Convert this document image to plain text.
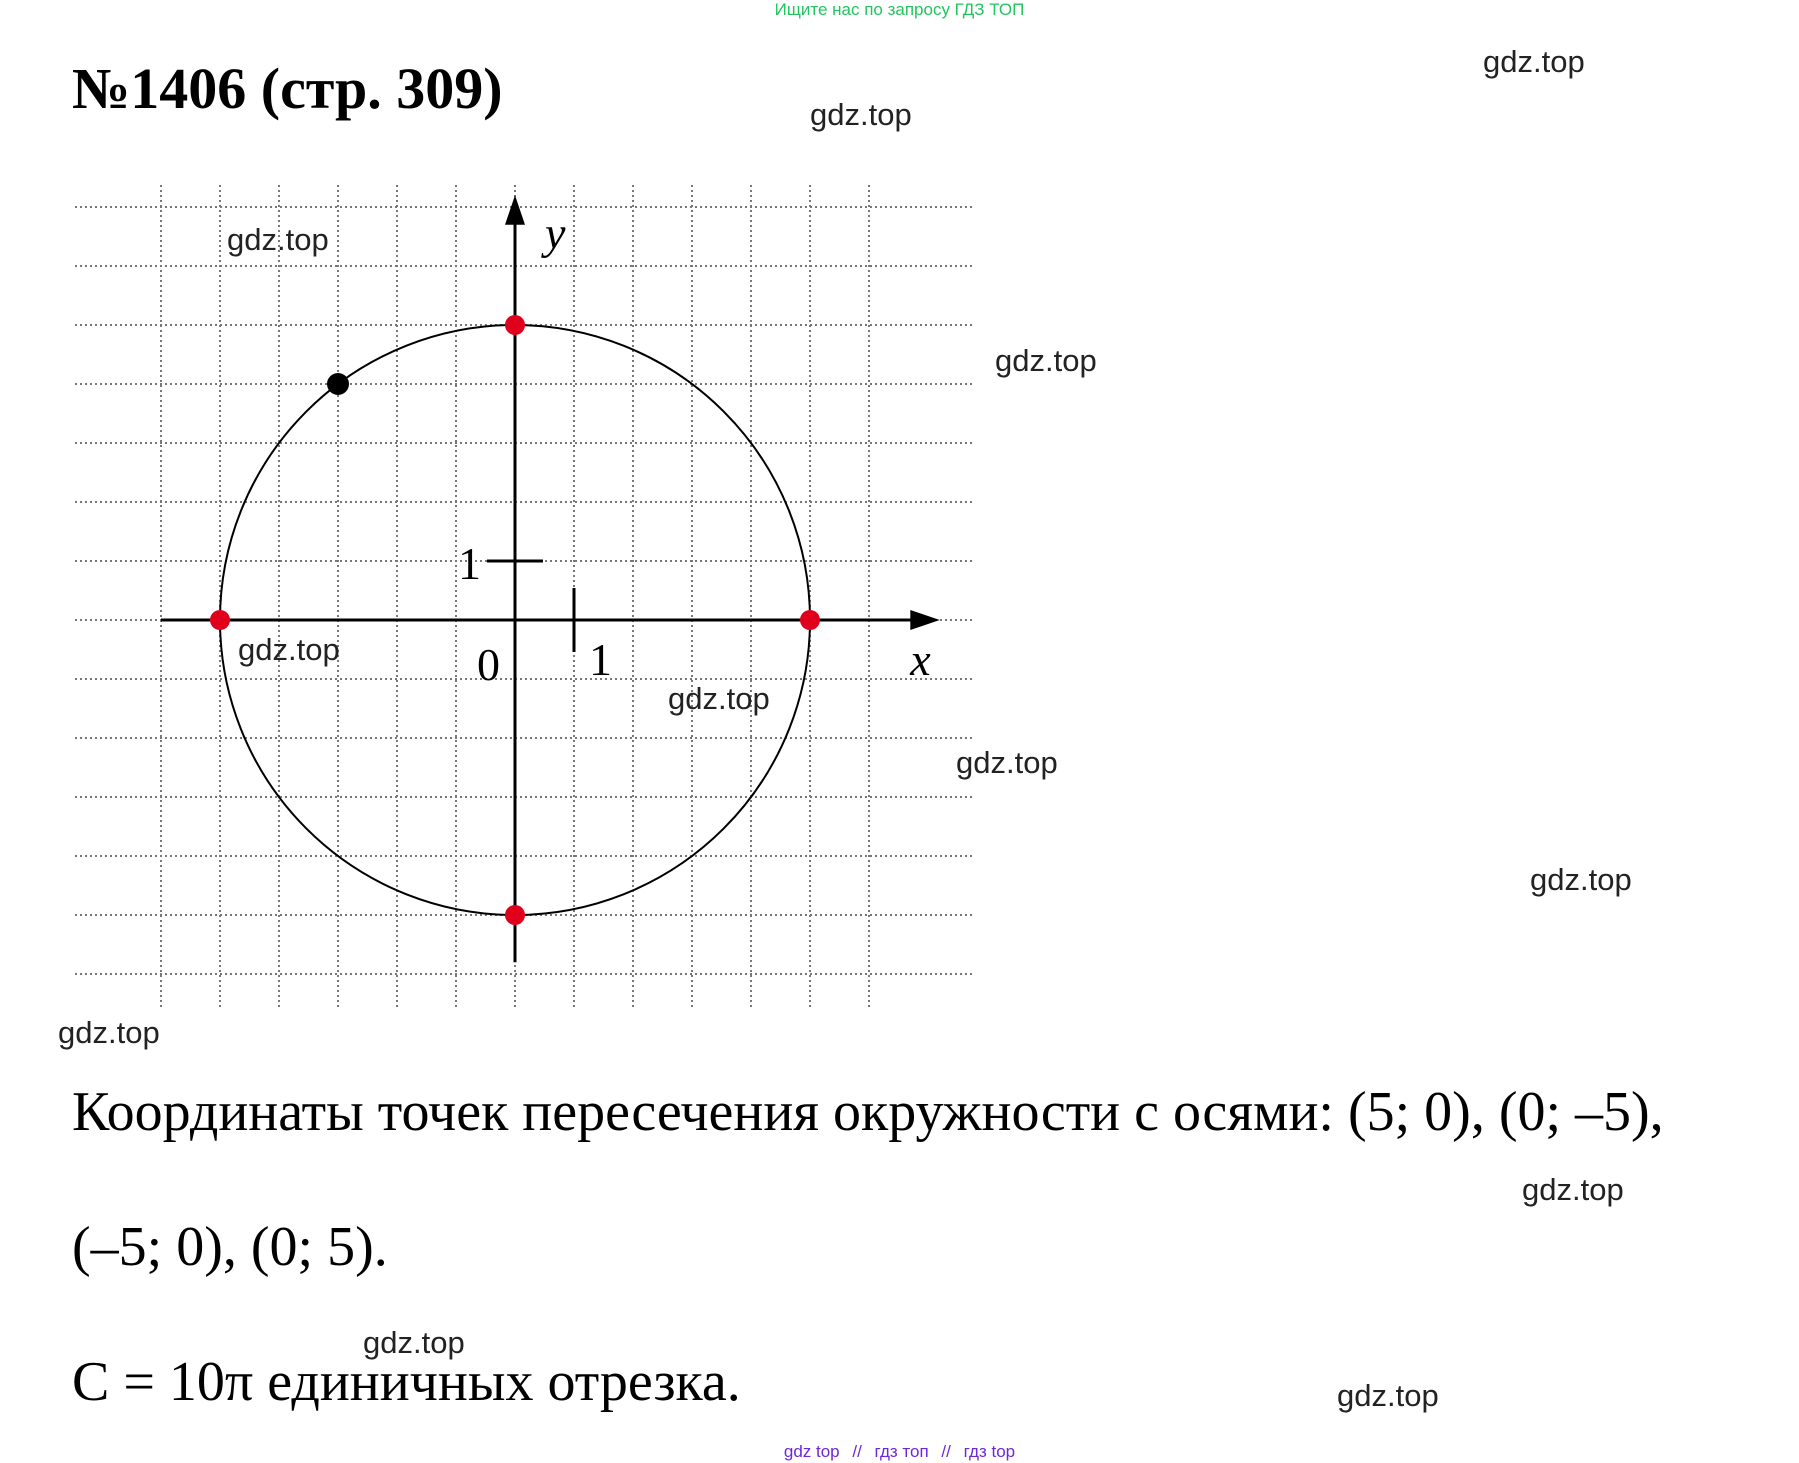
Ищите нас по запросу ГДЗ ТОП
№1406 (стр. 309)
y
x
0 1
1
gdz.top
gdz.top
gdz.top
gdz.top
gdz.top
gdz.top
gdz.top
gdz.top
gdz.top
gdz.top
gdz.top
gdz.top
Координаты точек пересечения окружности с осями: (5; 0), (0; –5),
(–5; 0), (0; 5).
С = 10π единичных отрезка.
gdz top // гдз топ // гдз top
